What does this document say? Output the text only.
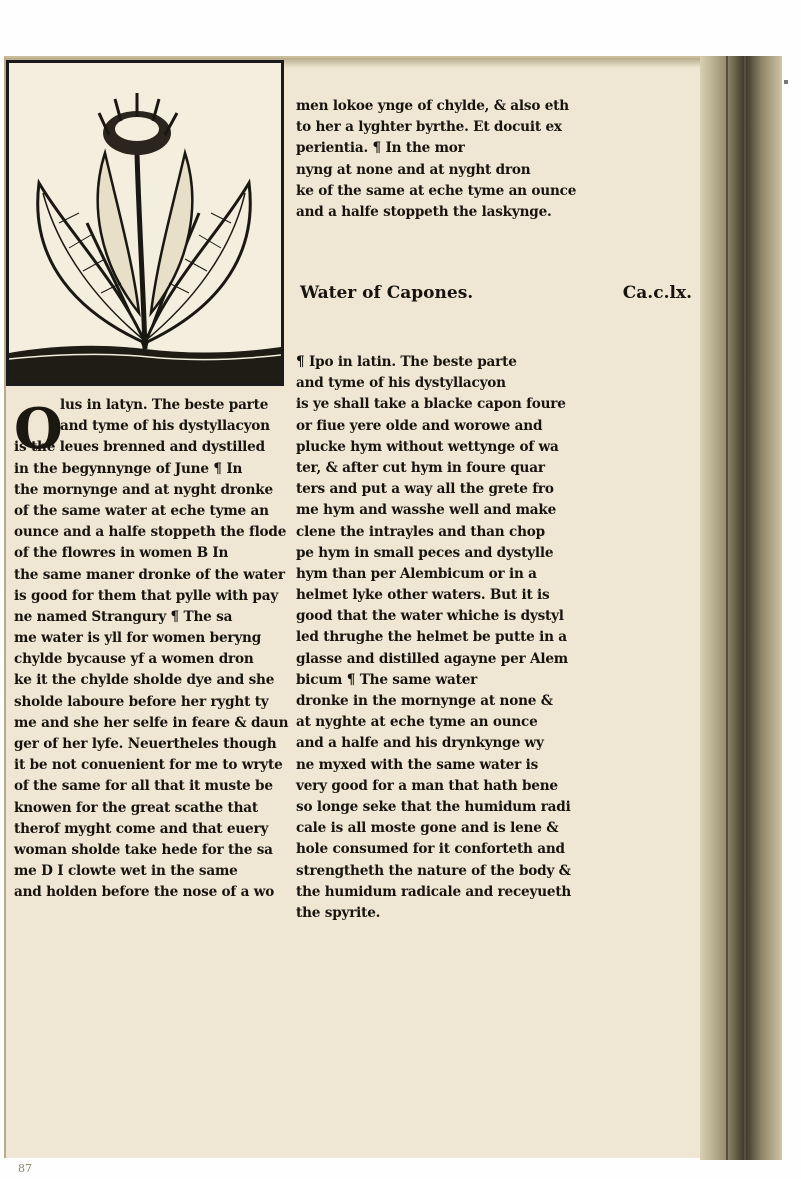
men lokoe ynge of chylde, & also eth
to her a lyghter byrthe. Et docuit ex
perientia. ¶ In the mor
nyng at none and at nyght dron
ke of the same at eche tyme an ounce
and a halfe stoppeth the laskynge.
Water of Capones.	Ca.c.lx.
¶ Ipo in latin. The beste parte
and tyme of his dystyllacyon
is ye shall take a blacke capon foure
or fiue yere olde and worowe and
plucke hym without wettynge of wa
ter, & after cut hym in foure quar
ters and put a way all the grete fro
me hym and wasshe well and make
clene the intrayles and than chop
pe hym in small peces and dystylle
hym than per Alembicum or in a
helmet lyke other waters. But it is
good that the water whiche is dystyl
led thrughe the helmet be putte in a
glasse and distilled agayne per Alem
bicum ¶ The same water
dronke in the mornynge at none &
at nyghte at eche tyme an ounce
and a halfe and his drynkynge wy
ne myxed with the same water is
very good for a man that hath bene
so longe seke that the humidum radi
cale is all moste gone and is lene &
hole consumed for it conforteth and
strengtheth the nature of the body &
the humidum radicale and receyueth
the spyrite.
O
lus in latyn. The beste parte
and tyme of his dystyllacyon
is the leues brenned and dystilled
in the begynnynge of June ¶ In
the mornynge and at nyght dronke
of the same water at eche tyme an
ounce and a halfe stoppeth the flode
of the flowres in women B In
the same maner dronke of the water
is good for them that pylle with pay
ne named Strangury ¶ The sa
me water is yll for women beryng
chylde bycause yf a women dron
ke it the chylde sholde dye and she
sholde laboure before her ryght ty
me and she her selfe in feare & daun
ger of her lyfe. Neuertheles though
it be not conuenient for me to wryte
of the same for all that it muste be
knowen for the great scathe that
therof myght come and that euery
woman sholde take hede for the sa
me D I clowte wet in the same
and holden before the nose of a wo
87
